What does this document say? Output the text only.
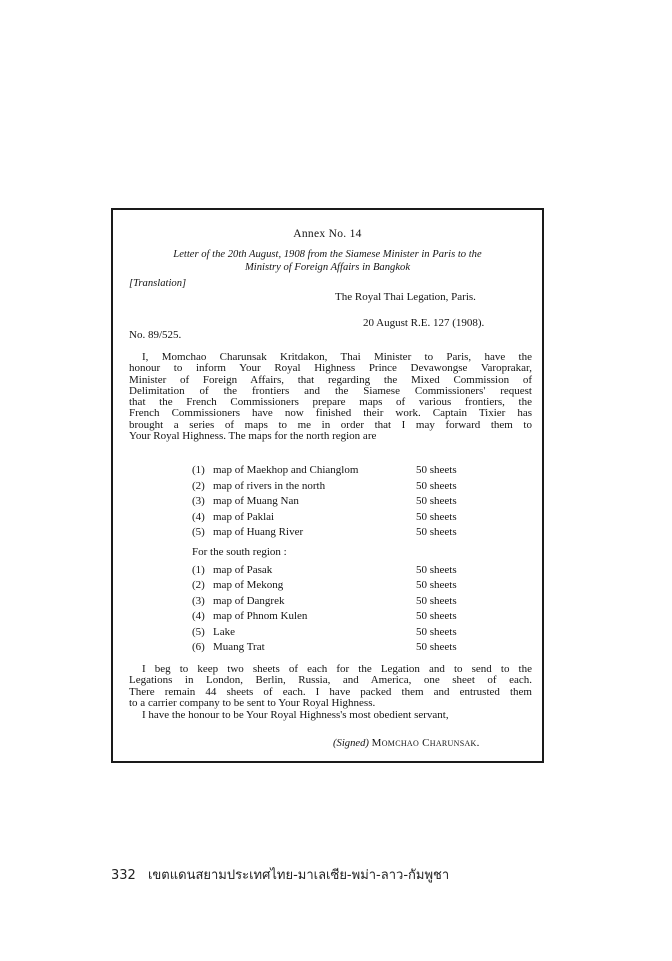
Annex No. 14
Letter of the 20th August, 1908 from the Siamese Minister in Paris to the
Ministry of Foreign Affairs in Bangkok
[Translation]
The Royal Thai Legation, Paris.
20 August R.E. 127 (1908).
No. 89/525.
I, Momchao Charunsak Kritdakon, Thai Minister to Paris, have the
honour to inform Your Royal Highness Prince Devawongse Varoprakar,
Minister of Foreign Affairs, that regarding the Mixed Commission of
Delimitation of the frontiers and the Siamese Commissioners' request
that the French Commissioners prepare maps of various frontiers, the
French Commissioners have now finished their work. Captain Tixier has
brought a series of maps to me in order that I may forward them to
Your Royal Highness. The maps for the north region are
(1) map of Maekhop and Chianglom	50 sheets
(2) map of rivers in the north	50 sheets
(3) map of Muang Nan	50 sheets
(4) map of Paklai	50 sheets
(5) map of Huang River	50 sheets
For the south region :
(1) map of Pasak	50 sheets
(2) map of Mekong	50 sheets
(3) map of Dangrek	50 sheets
(4) map of Phnom Kulen	50 sheets
(5) Lake	50 sheets
(6) Muang Trat	50 sheets
I beg to keep two sheets of each for the Legation and to send to the
Legations in London, Berlin, Russia, and America, one sheet of each.
There remain 44 sheets of each. I have packed them and entrusted them
to a carrier company to be sent to Your Royal Highness.
I have the honour to be Your Royal Highness's most obedient servant,
(Signed) Momchao Charunsak.
332 เขตแดนสยามประเทศไทย-มาเลเซีย-พม่า-ลาว-กัมพูชา
